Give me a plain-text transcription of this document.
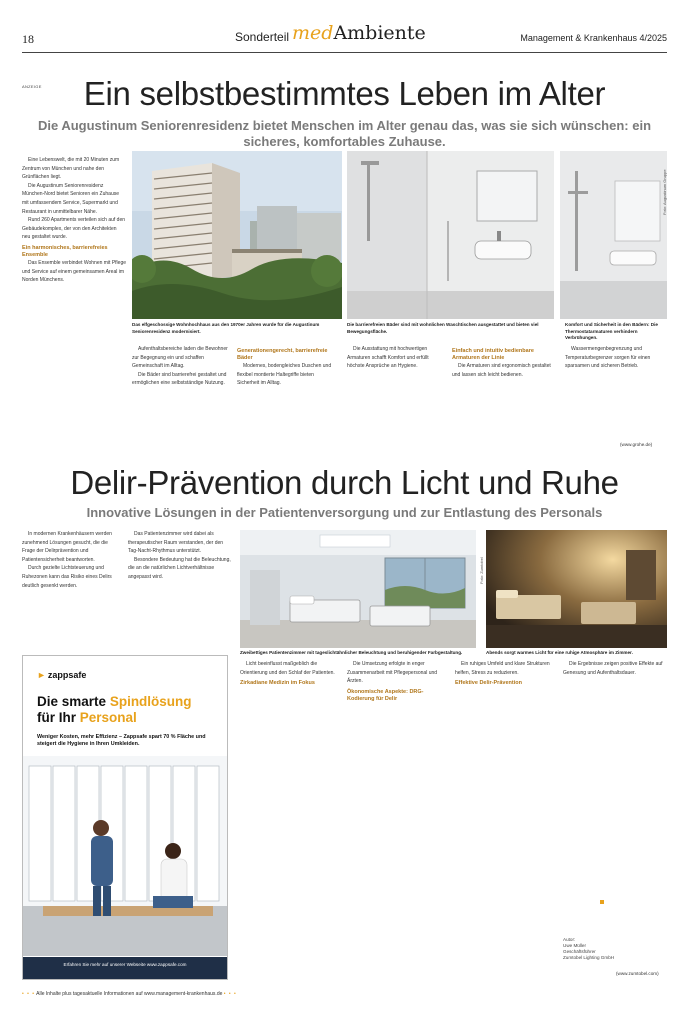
18	Sonderteil medAmbiente	Management & Krankenhaus 4/2025
ANZEIGE	Ein selbstbestimmtes Leben im Alter
Die Augustinum Seniorenresidenz bietet Menschen im Alter genau das, was sie sich wünschen: ein sicheres, komfortables Zuhause.

Eine Lebenswelt, die mit 20 Minuten zum Zentrum von München und nahe den Grünflächen liegt.

Die Augustinum Seniorenresidenz München-Nord bietet Senioren ein Zuhause mit umfassendem Service, Supermarkt und Restaurant in unmittelbarer Nähe.

Rund 260 Apartments verteilen sich auf den Gebäudekomplex, der von den Architekten neu gestaltet wurde.

Ein harmonisches, barrierefreies Ensemble

Das Ensemble verbindet Wohnen mit Pflege und Service auf einem gemeinsamen Areal im Norden Münchens.

Das elfgeschossige Wohnhochhaus aus den 1970er Jahren wurde für die Augustinum Seniorenresidenz modernisiert.
Die barrierefreien Bäder sind mit wohnlichen Waschtischen ausgestattet und bieten viel Bewegungsfläche.
Foto: Augustinum Gruppe
Komfort und Sicherheit in den Bädern: Die Thermostatarmaturen verhindern Verbrühungen.

Aufenthaltsbereiche laden die Bewohner zur Begegnung ein und schaffen Gemeinschaft im Alltag.

Die Bäder sind barrierefrei gestaltet und ermöglichen eine selbstständige Nutzung.

Generationengerecht, barrierefreie Bäder

Modernes, bodengleiches Duschen und flexibel montierte Haltegriffe bieten Sicherheit im Alltag.

Die Ausstattung mit hochwertigen Armaturen schafft Komfort und erfüllt höchste Ansprüche an Hygiene.

Einfach und intuitiv bedienbare Armaturen der Linie

Die Armaturen sind ergonomisch gestaltet und lassen sich leicht bedienen.

Wassermengenbegrenzung und Temperaturbegrenzer sorgen für einen sparsamen und sicheren Betrieb.

(www.grohe.de)
Delir-Prävention durch Licht und Ruhe
Innovative Lösungen in der Patientenversorgung und zur Entlastung des Personals

In modernen Krankenhäusern werden zunehmend Lösungen gesucht, die die Frage der Delirprävention und Patientensicherheit beantworten.

Durch gezielte Lichtsteuerung und Ruhezonen kann das Risiko eines Delirs deutlich gesenkt werden.

Das Patientenzimmer wird dabei als therapeutischer Raum verstanden, der den Tag-Nacht-Rhythmus unterstützt.

Besondere Bedeutung hat die Beleuchtung, die an die natürlichen Lichtverhältnisse angepasst wird.

Zweibettiges Patientenzimmer mit tageslichtähnlicher Beleuchtung und beruhigender Farbgestaltung.
Foto: Zumtobel
Abends sorgt warmes Licht für eine ruhige Atmosphäre im Zimmer.
► zappsafe
Die smarte Spindlösung
für Ihr Personal
Weniger Kosten, mehr Effizienz – Zappsafe spart 70 % Fläche und steigert die Hygiene in Ihren Umkleiden.
Erfahren Sie mehr auf unserer Webseite www.zappsafe.com

Licht beeinflusst maßgeblich die Orientierung und den Schlaf der Patienten.

Zirkadiane Medizin im Fokus

Die Umsetzung erfolgte in enger Zusammenarbeit mit Pflegepersonal und Ärzten.

Ökonomische Aspekte: DRG-Kodierung für Delir

Ein ruhiges Umfeld und klare Strukturen helfen, Stress zu reduzieren.

Effektive Delir-Prävention

Die Ergebnisse zeigen positive Effekte auf Genesung und Aufenthaltsdauer.

Autor:
Uwe Müller
Geschäftsführer
Zumtobel Lighting GmbH
(www.zumtobel.com)
• • • Alle Inhalte plus tagesaktuelle Informationen auf www.management-krankenhaus.de • • •
